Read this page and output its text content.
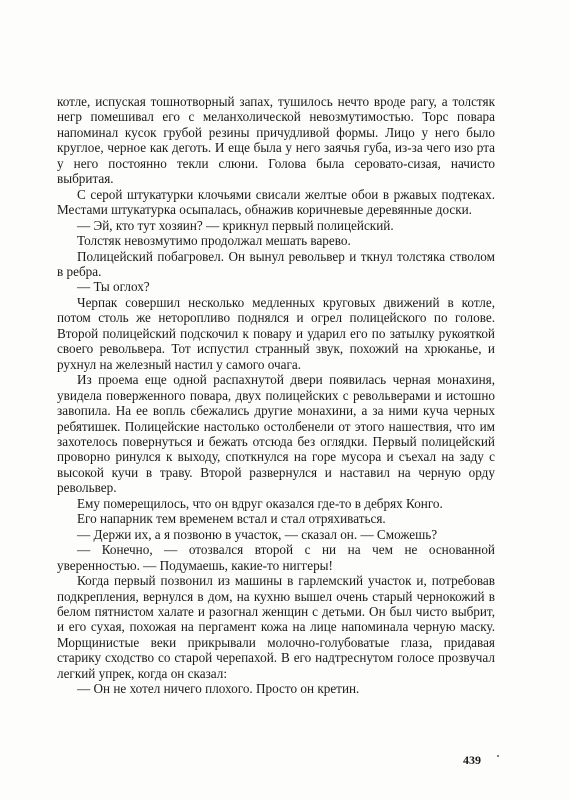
котле, испуская тошнотворный запах, тушилось нечто вроде рагу, а толстяк негр помешивал его с меланхолической невозмутимостью. Торс повара напоминал кусок грубой резины причудливой формы. Лицо у него было круглое, черное как деготь. И еще была у него заячья губа, из-за чего изо рта у него постоянно текли слюни. Голова была серовато-сизая, начисто выбритая.

С серой штукатурки клочьями свисали желтые обои в ржавых подтеках. Местами штукатурка осыпалась, обнажив коричневые деревянные доски.

— Эй, кто тут хозяин? — крикнул первый полицейский.

Толстяк невозмутимо продолжал мешать варево.

Полицейский побагровел. Он вынул револьвер и ткнул толстяка стволом в ребра.

— Ты оглох?

Черпак совершил несколько медленных круговых движений в котле, потом столь же неторопливо поднялся и огрел полицейского по голове. Второй полицейский подскочил к повару и ударил его по затылку рукояткой своего револьвера. Тот испустил странный звук, похожий на хрюканье, и рухнул на железный настил у самого очага.

Из проема еще одной распахнутой двери появилась черная монахиня, увидела поверженного повара, двух полицейских с револьверами и истошно завопила. На ее вопль сбежались другие монахини, а за ними куча черных ребятишек. Полицейские настолько остолбенели от этого нашествия, что им захотелось повернуться и бежать отсюда без оглядки. Первый полицейский проворно ринулся к выходу, споткнулся на горе мусора и съехал на заду с высокой кучи в траву. Второй развернулся и наставил на черную орду револьвер.

Ему померещилось, что он вдруг оказался где-то в дебрях Конго.

Его напарник тем временем встал и стал отряхиваться.

— Держи их, а я позвоню в участок, — сказал он. — Сможешь?

— Конечно, — отозвался второй с ни на чем не основанной уверенностью. — Подумаешь, какие-то ниггеры!

Когда первый позвонил из машины в гарлемский участок и, потребовав подкрепления, вернулся в дом, на кухню вышел очень старый чернокожий в белом пятнистом халате и разогнал женщин с детьми. Он был чисто выбрит, и его сухая, похожая на пергамент кожа на лице напоминала черную маску. Морщинистые веки прикрывали молочно-голубоватые глаза, придавая старику сходство со старой черепахой. В его надтреснутом голосе прозвучал легкий упрек, когда он сказал:

— Он не хотел ничего плохого. Просто он кретин.

439
